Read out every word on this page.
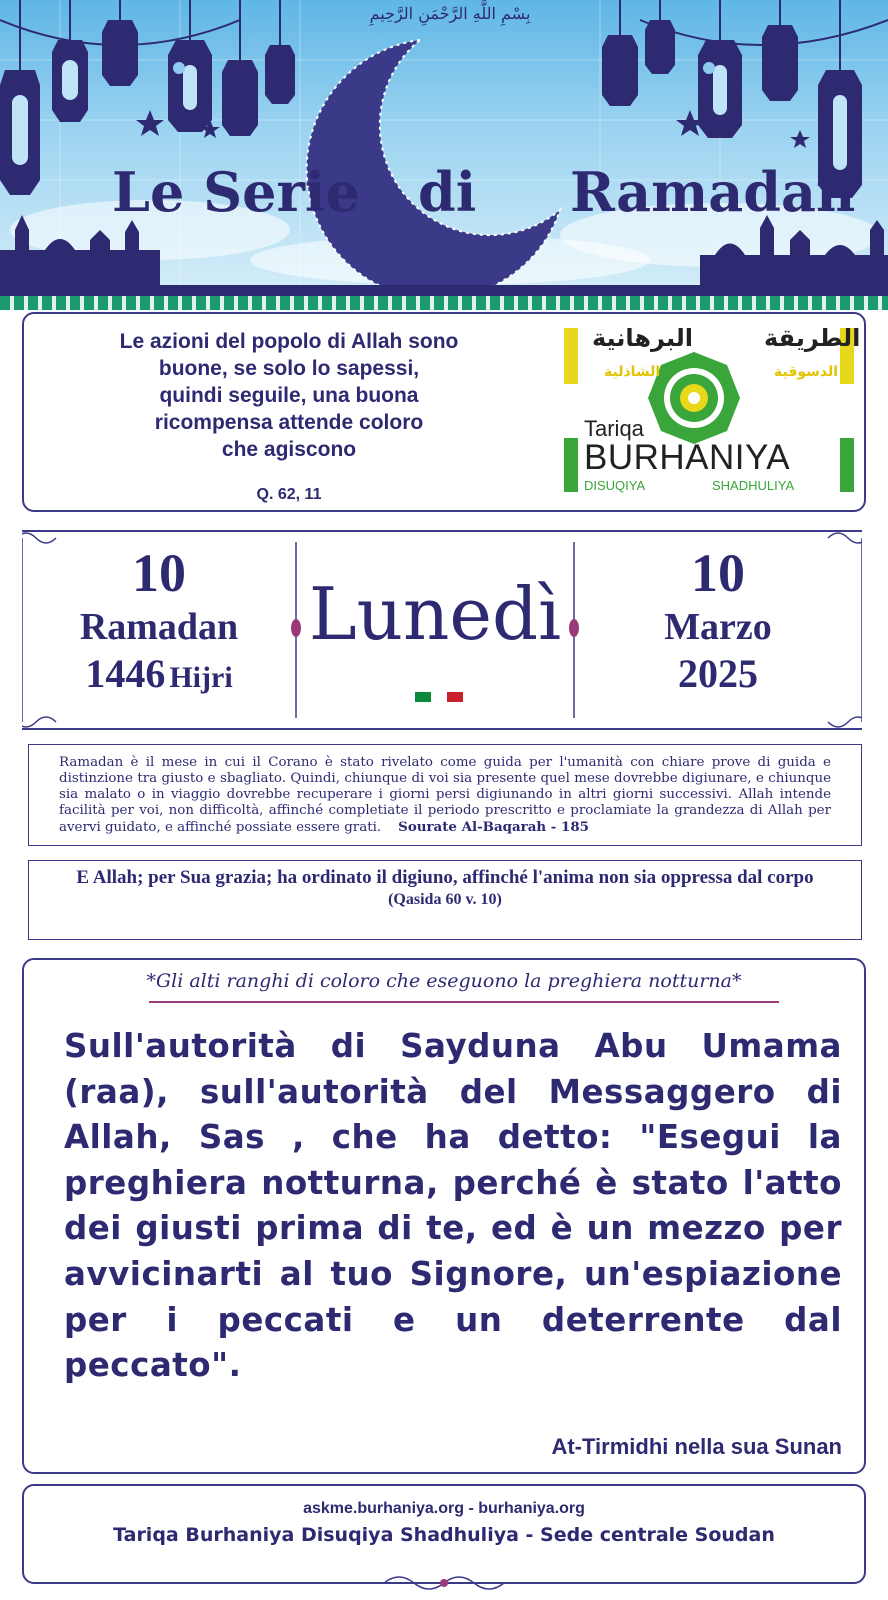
بِسْمِ اللَّهِ الرَّحْمَنِ الرَّحِيمِ
Le Serie di Ramadan
Le azioni del popolo di Allah sono
buone, se solo lo sapessi,
quindi seguile, una buona
ricompensa attende coloro
che agiscono
Q. 62, 11
الطريقة
البرهانية
الدسوقية
الشاذلية
Tariqa
BURHANIYA
DISUQIYA	SHADHULIYA
10
Ramadan
1446 Hijri
Lunedì	10
Marzo
2025
Ramadan è il mese in cui il Corano è stato rivelato come guida per l'umanità con chiare prove di guida e distinzione tra giusto e sbagliato. Quindi, chiunque di voi sia presente quel mese dovrebbe digiunare, e chiunque sia malato o in viaggio dovrebbe recuperare i giorni persi digiunando in altri giorni successivi. Allah intende facilità per voi, non difficoltà, affinché completiate il periodo prescritto e proclamiate la grandezza di Allah per avervi guidato, e affinché possiate essere grati. Sourate Al-Baqarah - 185
E Allah; per Sua grazia; ha ordinato il digiuno, affinché l'anima non sia oppressa dal corpo
(Qasida 60 v. 10)
*Gli alti ranghi di coloro che eseguono la preghiera notturna*
Sull'autorità di Sayduna Abu Umama (raa), sull'autorità del Messaggero di Allah, Sas , che ha detto: "Esegui la preghiera notturna, perché è stato l'atto dei giusti prima di te, ed è un mezzo per avvicinarti al tuo Signore, un'espiazione per i peccati e un deterrente dal peccato".
At-Tirmidhi nella sua Sunan
askme.burhaniya.org - burhaniya.org
Tariqa Burhaniya Disuqiya Shadhuliya - Sede centrale Soudan
